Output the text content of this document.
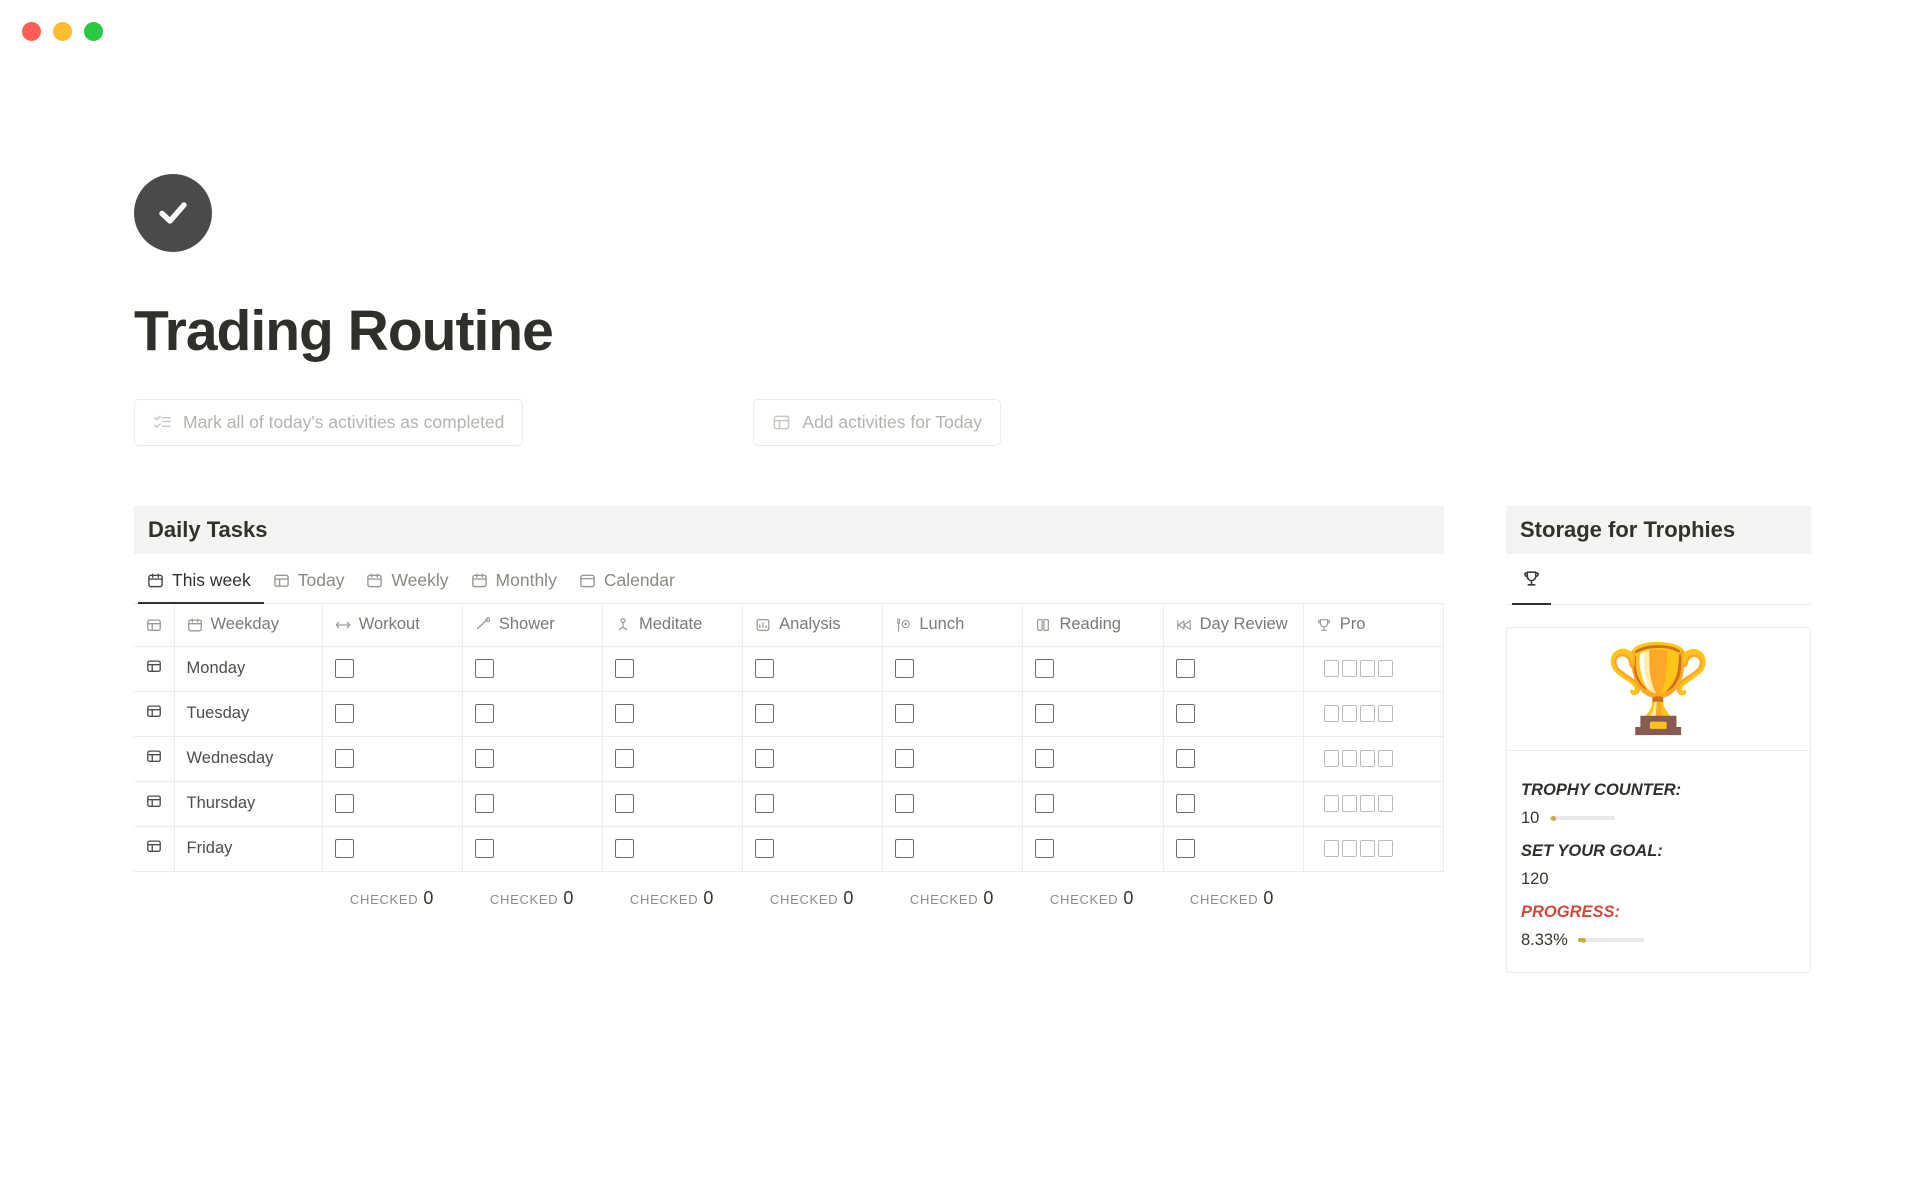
Trading Routine
Mark all of today's activities as completed	Add activities for Today
Daily Tasks
This week	Today	Weekly	Monthly	Calendar

Weekday	Workout	Shower	Meditate	Analysis	Lunch	Reading	Day Review	Pro

	Monday								

	Tuesday								

	Wednesday								

	Thursday								

	Friday								
CHECKED 0	CHECKED 0	CHECKED 0	CHECKED 0	CHECKED 0	CHECKED 0	CHECKED 0
Storage for Trophies
🏆
TROPHY COUNTER:
10
SET YOUR GOAL:
120
PROGRESS:
8.33%
